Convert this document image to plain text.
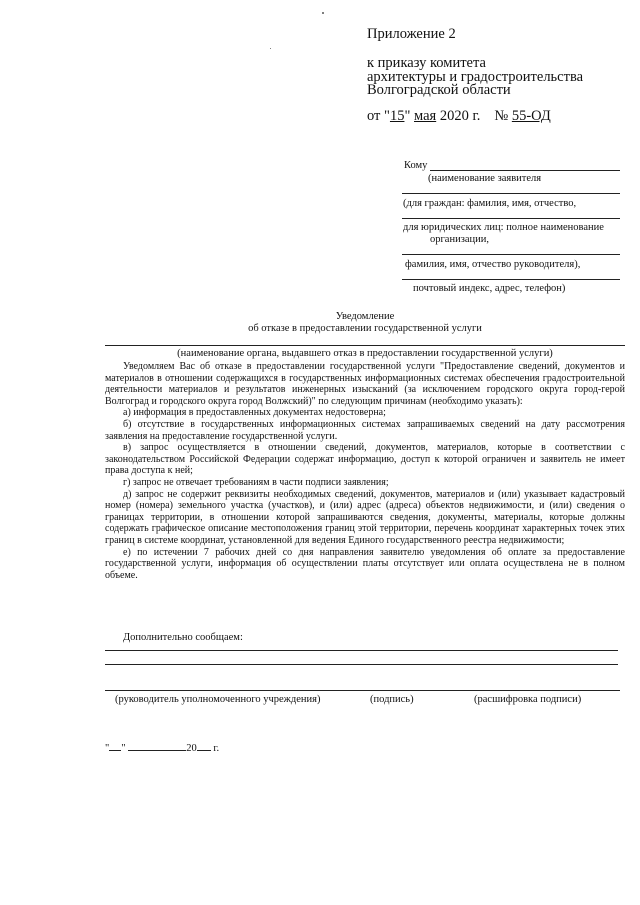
Приложение 2
к приказу комитета
архитектуры и градостроительства
Волгоградской области
от "15" мая 2020 г. № 55-ОД
Кому
(наименование заявителя
(для граждан: фамилия, имя, отчество,
для юридических лиц: полное наименование
организации,
фамилия, имя, отчество руководителя),
почтовый индекс, адрес, телефон)
Уведомление
об отказе в предоставлении государственной услуги
(наименование органа, выдавшего отказ в предоставлении государственной услуги)

Уведомляем Вас об отказе в предоставлении государственной услуги "Предоставление сведений, документов и материалов в отношении содержащихся в государственных информационных системах обеспечения градостроительной деятельности материалов и результатов инженерных изысканий (за исключением городского округа город-герой Волгоград и городского округа город Волжский)" по следующим причинам (необходимо указать):

а) информация в предоставленных документах недостоверна;

б) отсутствие в государственных информационных системах запрашиваемых сведений на дату рассмотрения заявления на предоставление государственной услуги.

в) запрос осуществляется в отношении сведений, документов, материалов, которые в соответствии с законодательством Российской Федерации содержат информацию, доступ к которой ограничен и заявитель не имеет права доступа к ней;

г) запрос не отвечает требованиям в части подписи заявления;

д) запрос не содержит реквизиты необходимых сведений, документов, материалов и (или) указывает кадастровый номер (номера) земельного участка (участков), и (или) адрес (адреса) объектов недвижимости, и (или) сведения о границах территории, в отношении которой запрашиваются сведения, документы, материалы, которые должны содержать графическое описание местоположения границ этой территории, перечень координат характерных точек этих границ в системе координат, установленной для ведения Единого государственного реестра недвижимости;

е) по истечении 7 рабочих дней со дня направления заявителю уведомления об оплате за предоставление государственной услуги, информация об осуществлении платы отсутствует или оплата осуществлена не в полном объеме.

Дополнительно сообщаем:
(руководитель уполномоченного учреждения)	(подпись)	(расшифровка подписи)
" "	20 г.
